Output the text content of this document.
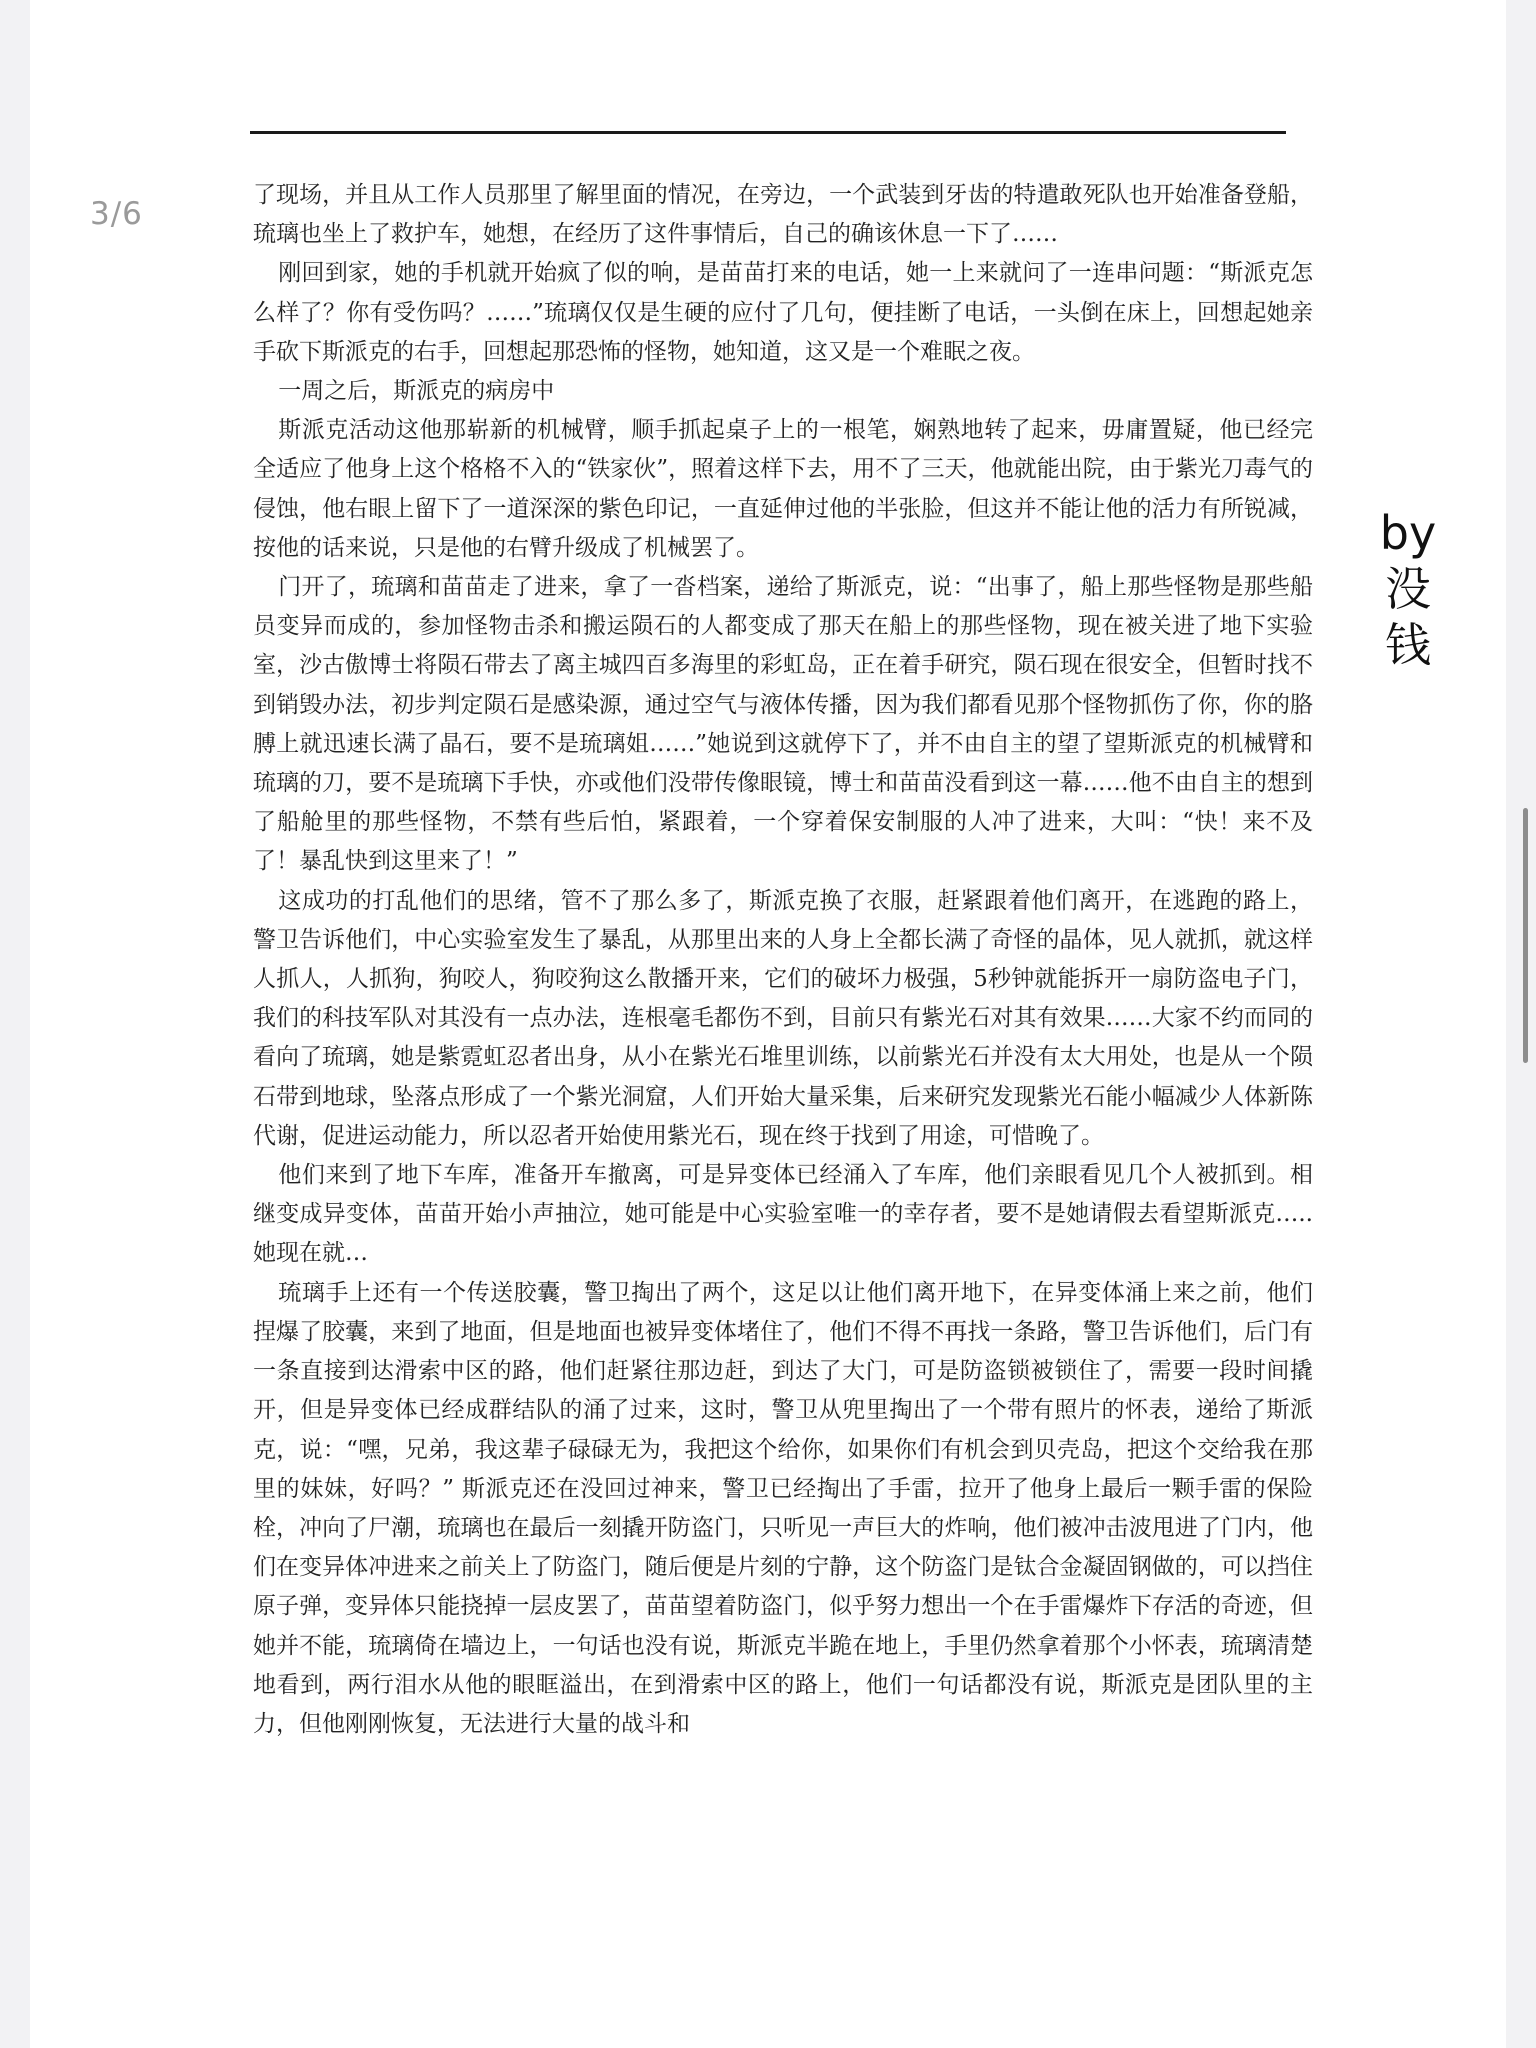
3/6
by
没
钱

了现场，并且从工作人员那里了解里面的情况，在旁边，一个武装到牙齿的特遣敢死队也开始准备登船，琉璃也坐上了救护车，她想，在经历了这件事情后，自己的确该休息一下了……

刚回到家，她的手机就开始疯了似的响，是苗苗打来的电话，她一上来就问了一连串问题：“斯派克怎么样了？你有受伤吗？……”琉璃仅仅是生硬的应付了几句，便挂断了电话，一头倒在床上，回想起她亲手砍下斯派克的右手，回想起那恐怖的怪物，她知道，这又是一个难眠之夜。

一周之后，斯派克的病房中

斯派克活动这他那崭新的机械臂，顺手抓起桌子上的一根笔，娴熟地转了起来，毋庸置疑，他已经完全适应了他身上这个格格不入的“铁家伙”，照着这样下去，用不了三天，他就能出院，由于紫光刀毒气的侵蚀，他右眼上留下了一道深深的紫色印记，一直延伸过他的半张脸，但这并不能让他的活力有所锐减，按他的话来说，只是他的右臂升级成了机械罢了。

门开了，琉璃和苗苗走了进来，拿了一沓档案，递给了斯派克，说：“出事了，船上那些怪物是那些船员变异而成的，参加怪物击杀和搬运陨石的人都变成了那天在船上的那些怪物，现在被关进了地下实验室，沙古傲博士将陨石带去了离主城四百多海里的彩虹岛，正在着手研究，陨石现在很安全，但暂时找不到销毁办法，初步判定陨石是感染源，通过空气与液体传播，因为我们都看见那个怪物抓伤了你，你的胳膊上就迅速长满了晶石，要不是琉璃姐……”她说到这就停下了，并不由自主的望了望斯派克的机械臂和琉璃的刀，要不是琉璃下手快，亦或他们没带传像眼镜，博士和苗苗没看到这一幕……他不由自主的想到了船舱里的那些怪物，不禁有些后怕，紧跟着，一个穿着保安制服的人冲了进来，大叫：“快！来不及了！暴乱快到这里来了！”

这成功的打乱他们的思绪，管不了那么多了，斯派克换了衣服，赶紧跟着他们离开，在逃跑的路上，警卫告诉他们，中心实验室发生了暴乱，从那里出来的人身上全都长满了奇怪的晶体，见人就抓，就这样人抓人，人抓狗，狗咬人，狗咬狗这么散播开来，它们的破坏力极强，5秒钟就能拆开一扇防盗电子门，我们的科技军队对其没有一点办法，连根毫毛都伤不到，目前只有紫光石对其有效果……大家不约而同的看向了琉璃，她是紫霓虹忍者出身，从小在紫光石堆里训练，以前紫光石并没有太大用处，也是从一个陨石带到地球，坠落点形成了一个紫光洞窟，人们开始大量采集，后来研究发现紫光石能小幅减少人体新陈代谢，促进运动能力，所以忍者开始使用紫光石，现在终于找到了用途，可惜晚了。

他们来到了地下车库，准备开车撤离，可是异变体已经涌入了车库，他们亲眼看见几个人被抓到。相继变成异变体，苗苗开始小声抽泣，她可能是中心实验室唯一的幸存者，要不是她请假去看望斯派克…..她现在就…

琉璃手上还有一个传送胶囊，警卫掏出了两个，这足以让他们离开地下，在异变体涌上来之前，他们捏爆了胶囊，来到了地面，但是地面也被异变体堵住了，他们不得不再找一条路，警卫告诉他们，后门有一条直接到达滑索中区的路，他们赶紧往那边赶，到达了大门，可是防盗锁被锁住了，需要一段时间撬开，但是异变体已经成群结队的涌了过来，这时，警卫从兜里掏出了一个带有照片的怀表，递给了斯派克，说：“嘿，兄弟，我这辈子碌碌无为，我把这个给你，如果你们有机会到贝壳岛，把这个交给我在那里的妹妹，好吗？” 斯派克还在没回过神来，警卫已经掏出了手雷，拉开了他身上最后一颗手雷的保险栓，冲向了尸潮，琉璃也在最后一刻撬开防盗门，只听见一声巨大的炸响，他们被冲击波甩进了门内，他们在变异体冲进来之前关上了防盗门，随后便是片刻的宁静，这个防盗门是钛合金凝固钢做的，可以挡住原子弹，变异体只能挠掉一层皮罢了，苗苗望着防盗门，似乎努力想出一个在手雷爆炸下存活的奇迹，但她并不能，琉璃倚在墙边上，一句话也没有说，斯派克半跪在地上，手里仍然拿着那个小怀表，琉璃清楚地看到，两行泪水从他的眼眶溢出，在到滑索中区的路上，他们一句话都没有说，斯派克是团队里的主力，但他刚刚恢复，无法进行大量的战斗和
